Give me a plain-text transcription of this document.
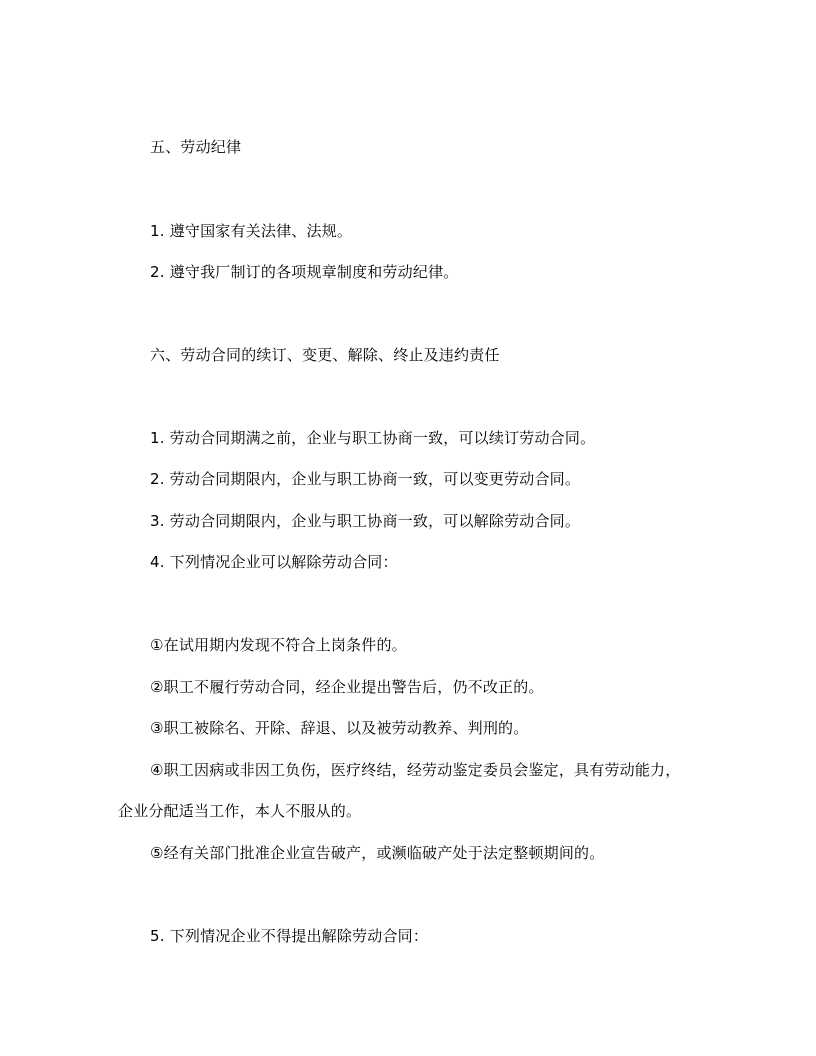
五、劳动纪律
1. 遵守国家有关法律、法规。
2. 遵守我厂制订的各项规章制度和劳动纪律。
六、劳动合同的续订、变更、解除、终止及违约责任
1. 劳动合同期满之前，企业与职工协商一致，可以续订劳动合同。
2. 劳动合同期限内，企业与职工协商一致，可以变更劳动合同。
3. 劳动合同期限内，企业与职工协商一致，可以解除劳动合同。
4. 下列情况企业可以解除劳动合同：
①在试用期内发现不符合上岗条件的。
②职工不履行劳动合同，经企业提出警告后，仍不改正的。
③职工被除名、开除、辞退、以及被劳动教养、判刑的。
④职工因病或非因工负伤，医疗终结，经劳动鉴定委员会鉴定，具有劳动能力，
企业分配适当工作，本人不服从的。
⑤经有关部门批准企业宣告破产，或濒临破产处于法定整顿期间的。
5. 下列情况企业不得提出解除劳动合同：
